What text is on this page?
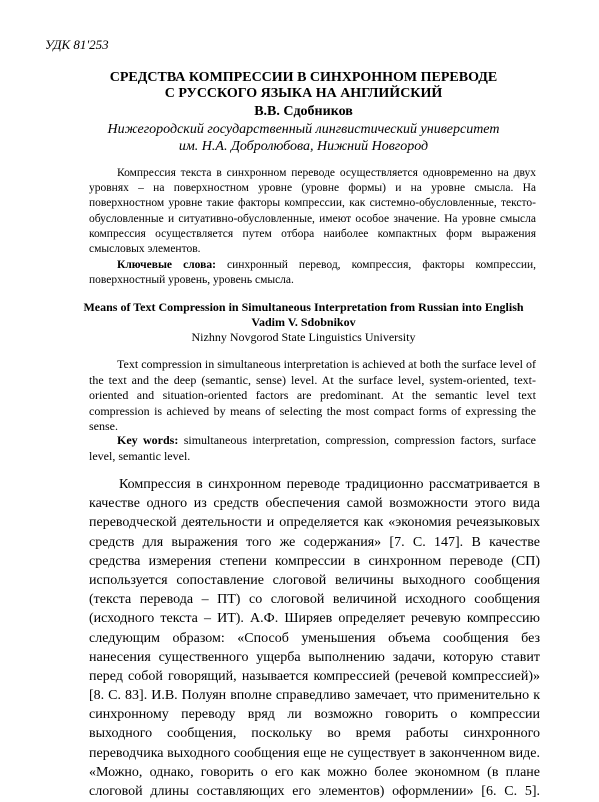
УДК 81'253
СРЕДСТВА КОМПРЕССИИ В СИНХРОННОМ ПЕРЕВОДЕ
С РУССКОГО ЯЗЫКА НА АНГЛИЙСКИЙ
В.В. Сдобников
Нижегородский государственный лингвистический университет
им. Н.А. Добролюбова, Нижний Новгород
Компрессия текста в синхронном переводе осуществляется одновременно на двух уровнях – на поверхностном уровне (уровне формы) и на уровне смысла. На поверхностном уровне такие факторы компрессии, как системно-обусловленные, тексто-обусловленные и ситуативно-обусловленные, имеют особое значение. На уровне смысла компрессия осуществляется путем отбора наиболее компактных форм выражения смысловых элементов.
Ключевые слова: синхронный перевод, компрессия, факторы компрессии, поверхностный уровень, уровень смысла.
Means of Text Compression in Simultaneous Interpretation from Russian into English
Vadim V. Sdobnikov
Nizhny Novgorod State Linguistics University
Text compression in simultaneous interpretation is achieved at both the surface level of the text and the deep (semantic, sense) level. At the surface level, system-oriented, text-oriented and situation-oriented factors are predominant. At the semantic level text compression is achieved by means of selecting the most compact forms of expressing the sense.
Key words: simultaneous interpretation, compression, compression factors, surface level, semantic level.
Компрессия в синхронном переводе традиционно рассматривается в
качестве одного из средств обеспечения самой возможности этого вида
переводческой деятельности и определяется как «экономия речеязыковых
средств для выражения того же содержания» [7. С. 147]. В качестве
средства измерения степени компрессии в синхронном переводе (СП)
используется сопоставление слоговой величины выходного сообщения
(текста перевода – ПТ) со слоговой величиной исходного сообщения
(исходного текста – ИТ). А.Ф. Ширяев определяет речевую компрессию
следующим образом: «Способ уменьшения объема сообщения без
нанесения существенного ущерба выполнению задачи, которую ставит
перед собой говорящий, называется компрессией (речевой компрессией)»
[8. С. 83]. И.В. Полуян вполне справедливо замечает, что применительно к
синхронному переводу вряд ли возможно говорить о компрессии
выходного сообщения, поскольку во время работы синхронного
переводчика выходного сообщения еще не существует в законченном виде.
«Можно, однако, говорить о его как можно более экономном (в плане
слоговой длины составляющих его элементов) оформлении» [6. С. 5].
